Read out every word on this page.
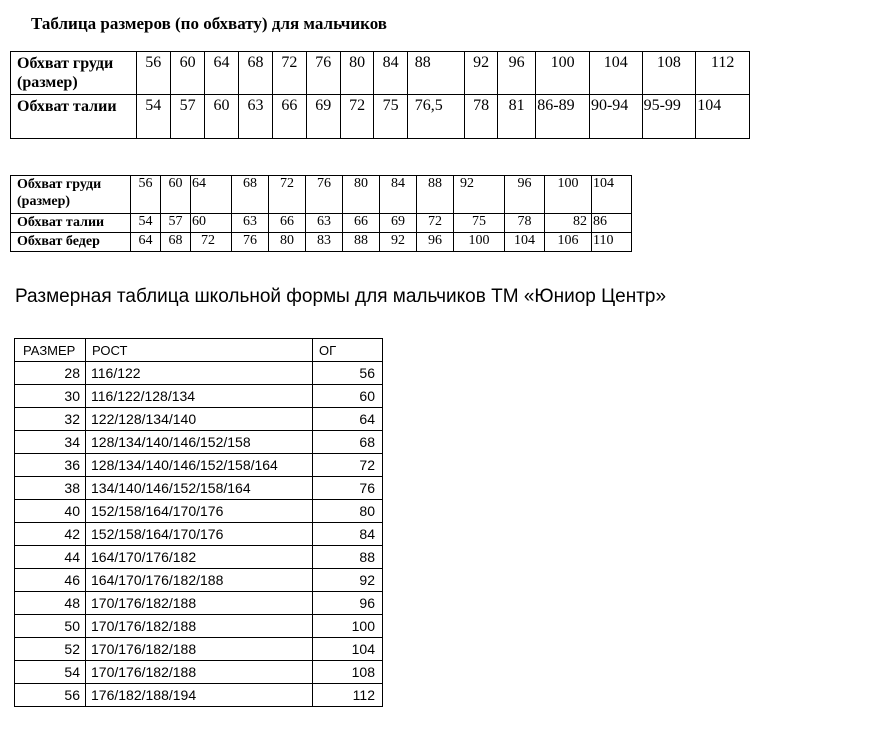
Таблица размеров (по обхвату) для мальчиков
Обхват груди (размер)	56	60	64	68	72	76	80	84	88	92	96	100	104	108	112
Обхват талии	54	57	60	63	66	69	72	75	76,5	78	81	86-89	90-94	95-99	104
Обхват груди (размер)	56	60	64	68	72	76	80	84	88	92	96	100	104
Обхват талии	54	57	60	63	66	63	66	69	72	75	78	82	86
Обхват бедер	64	68	72	76	80	83	88	92	96	100	104	106	110
Размерная таблица школьной формы для мальчиков ТМ «Юниор Центр»
РАЗМЕР	РОСТ	ОГ
28	116/122	56
30	116/122/128/134	60
32	122/128/134/140	64
34	128/134/140/146/152/158	68
36	128/134/140/146/152/158/164	72
38	134/140/146/152/158/164	76
40	152/158/164/170/176	80
42	152/158/164/170/176	84
44	164/170/176/182	88
46	164/170/176/182/188	92
48	170/176/182/188	96
50	170/176/182/188	100
52	170/176/182/188	104
54	170/176/182/188	108
56	176/182/188/194	112
